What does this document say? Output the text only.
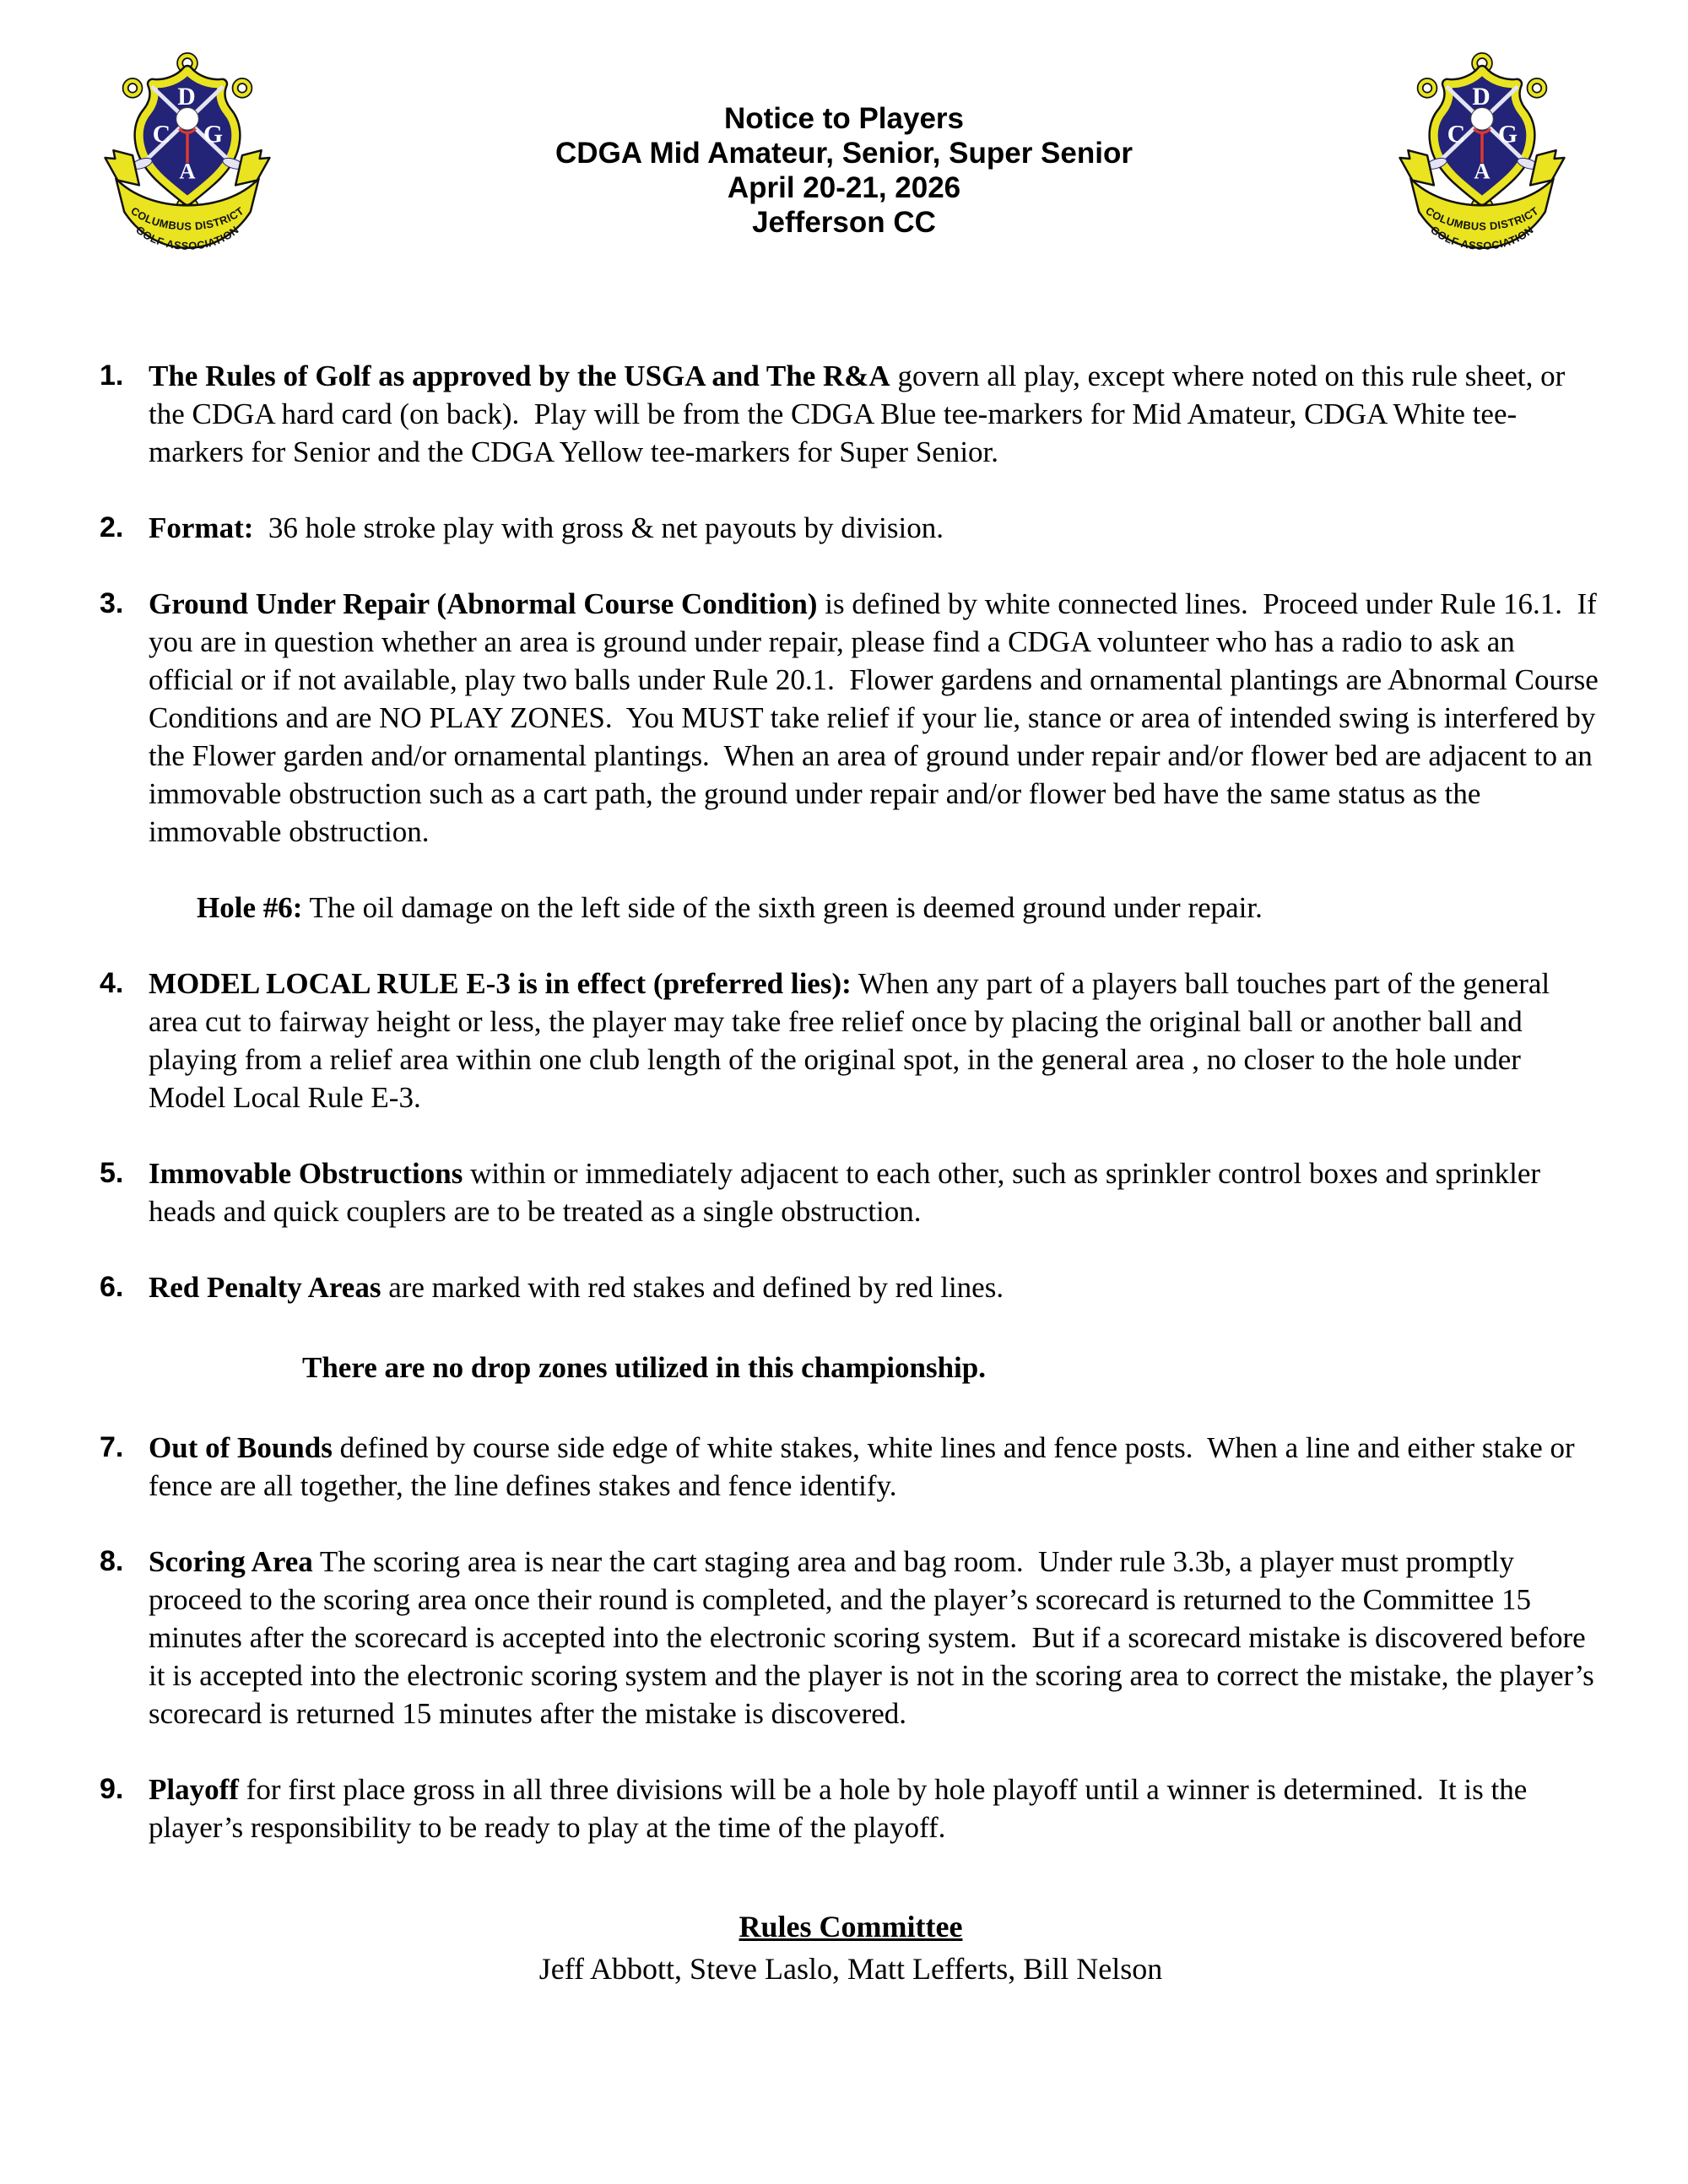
D
C G
A
COLUMBUS DISTRICT
GOLF ASSOCIATION
D
C G
A
COLUMBUS DISTRICT
GOLF ASSOCIATION
Notice to Players
CDGA Mid Amateur, Senior, Super Senior
April 20-21, 2026
Jefferson CC
1. The Rules of Golf as approved by the USGA and The R&A govern all play, except where noted on this rule sheet, or the CDGA hard card (on back).  Play will be from the CDGA Blue tee-markers for Mid Amateur, CDGA White tee-markers for Senior and the CDGA Yellow tee-markers for Super Senior.
2. Format:  36 hole stroke play with gross & net payouts by division.
3. Ground Under Repair (Abnormal Course Condition) is defined by white connected lines.  Proceed under Rule 16.1.  If you are in question whether an area is ground under repair, please find a CDGA volunteer who has a radio to ask an official or if not available, play two balls under Rule 20.1.  Flower gardens and ornamental plantings are Abnormal Course Conditions and are NO PLAY ZONES.  You MUST take relief if your lie, stance or area of intended swing is interfered by the Flower garden and/or ornamental plantings.  When an area of ground under repair and/or flower bed are adjacent to an immovable obstruction such as a cart path, the ground under repair and/or flower bed have the same status as the immovable obstruction.
Hole #6: The oil damage on the left side of the sixth green is deemed ground under repair.
4. MODEL LOCAL RULE E-3 is in effect (preferred lies): When any part of a players ball touches part of the general area cut to fairway height or less, the player may take free relief once by placing the original ball or another ball and playing from a relief area within one club length of the original spot, in the general area , no closer to the hole under Model Local Rule E-3.
5. Immovable Obstructions within or immediately adjacent to each other, such as sprinkler control boxes and sprinkler heads and quick couplers are to be treated as a single obstruction.
6. Red Penalty Areas are marked with red stakes and defined by red lines.
There are no drop zones utilized in this championship.
7. Out of Bounds defined by course side edge of white stakes, white lines and fence posts.  When a line and either stake or fence are all together, the line defines stakes and fence identify.
8. Scoring Area The scoring area is near the cart staging area and bag room.  Under rule 3.3b, a player must promptly proceed to the scoring area once their round is completed, and the player’s scorecard is returned to the Committee 15 minutes after the scorecard is accepted into the electronic scoring system.  But if a scorecard mistake is discovered before it is accepted into the electronic scoring system and the player is not in the scoring area to correct the mistake, the player’s scorecard is returned 15 minutes after the mistake is discovered.
9. Playoff for first place gross in all three divisions will be a hole by hole playoff until a winner is determined.  It is the player’s responsibility to be ready to play at the time of the playoff.
Rules Committee
Jeff Abbott, Steve Laslo, Matt Lefferts, Bill Nelson
